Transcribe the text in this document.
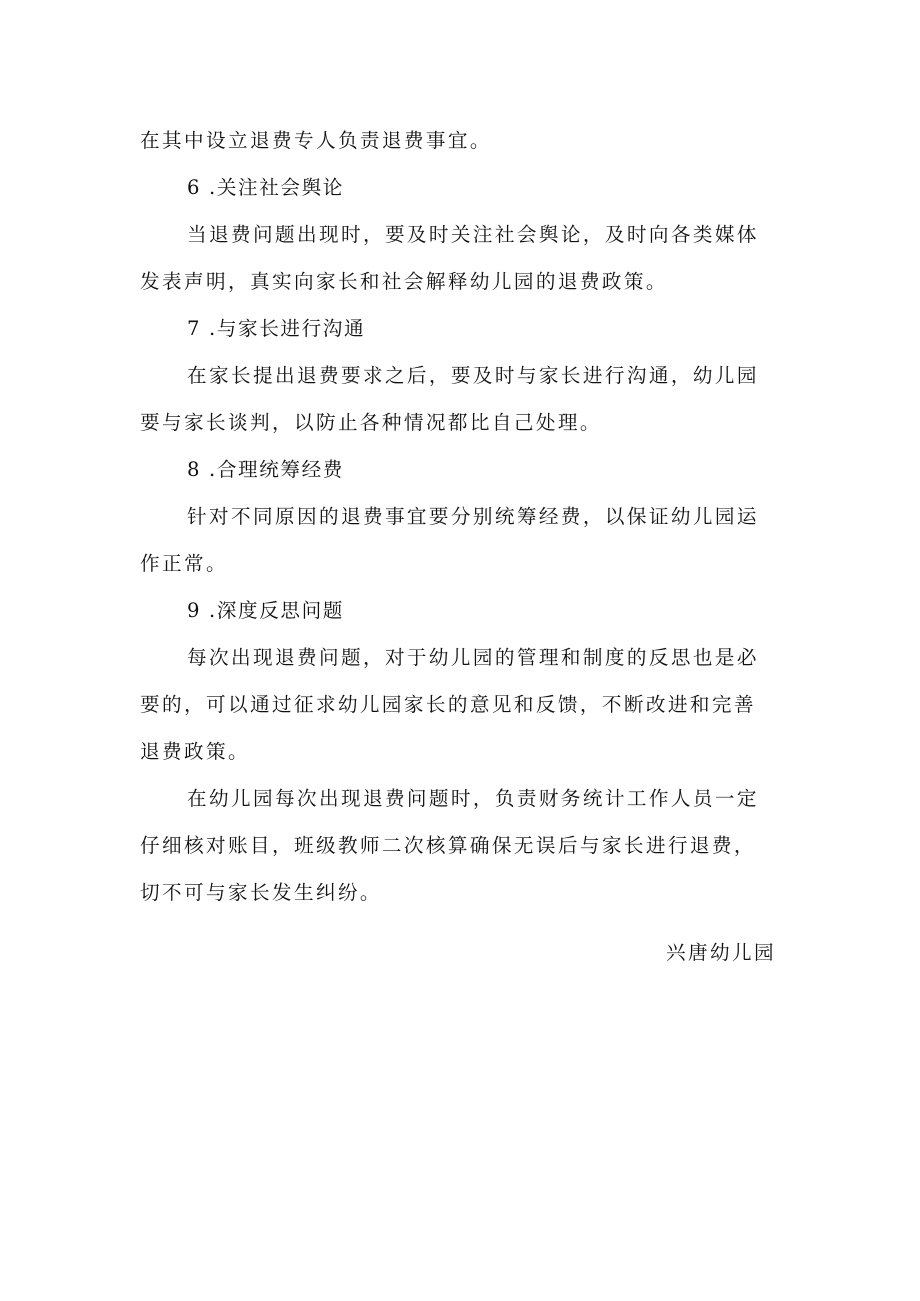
在其中设立退费专人负责退费事宜。
6 .关注社会舆论
当退费问题出现时，要及时关注社会舆论，及时向各类媒体
发表声明，真实向家长和社会解释幼儿园的退费政策。
7 .与家长进行沟通
在家长提出退费要求之后，要及时与家长进行沟通，幼儿园
要与家长谈判，以防止各种情况都比自己处理。
8 .合理统筹经费
针对不同原因的退费事宜要分别统筹经费，以保证幼儿园运
作正常。
9 .深度反思问题
每次出现退费问题，对于幼儿园的管理和制度的反思也是必
要的，可以通过征求幼儿园家长的意见和反馈，不断改进和完善
退费政策。
在幼儿园每次出现退费问题时，负责财务统计工作人员一定
仔细核对账目，班级教师二次核算确保无误后与家长进行退费，
切不可与家长发生纠纷。
兴唐幼儿园
